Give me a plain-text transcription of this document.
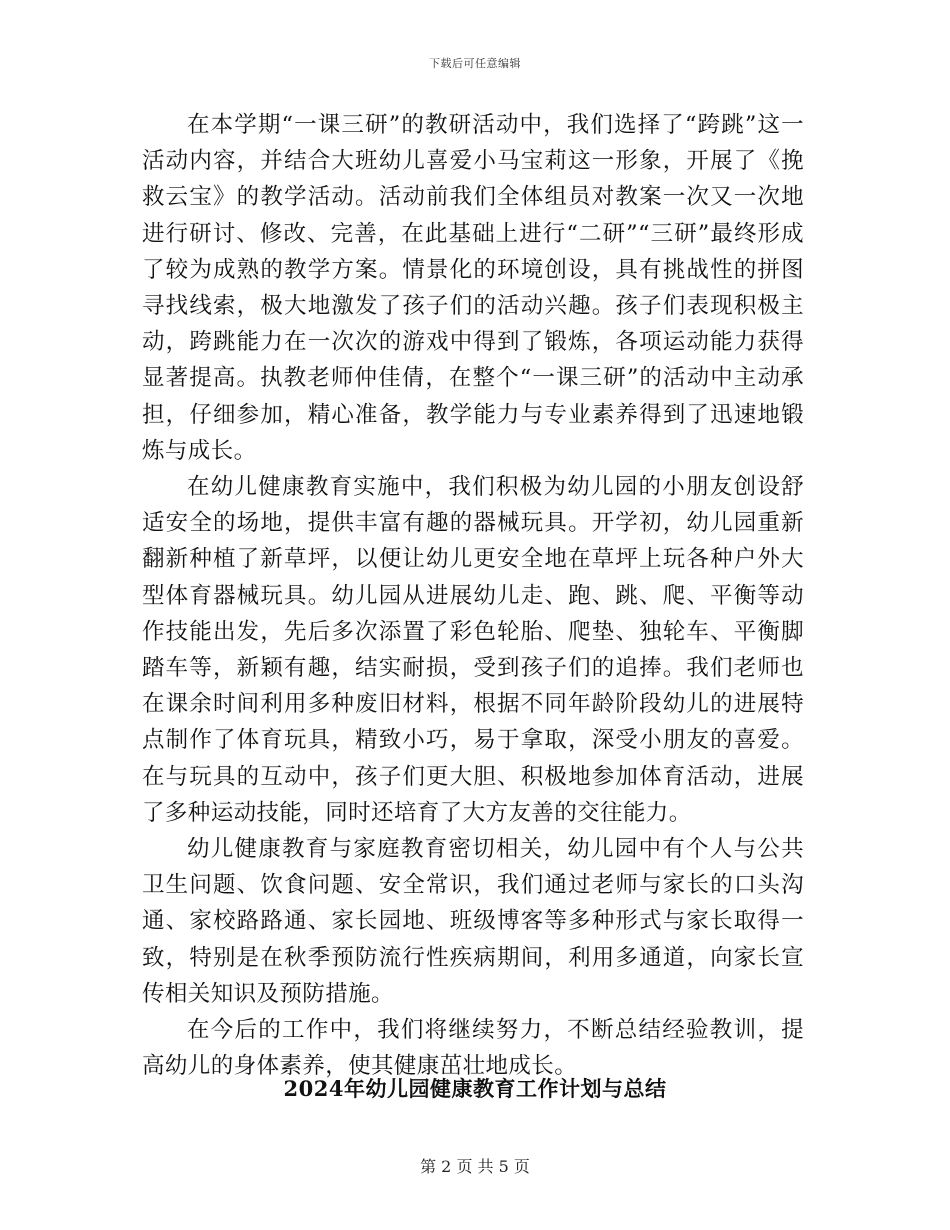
下载后可任意编辑

在本学期“一课三研”的教研活动中，我们选择了“跨跳”这一活动内容，并结合大班幼儿喜爱小马宝莉这一形象，开展了《挽救云宝》的教学活动。活动前我们全体组员对教案一次又一次地进行研讨、修改、完善，在此基础上进行“二研”“三研”最终形成了较为成熟的教学方案。情景化的环境创设，具有挑战性的拼图寻找线索，极大地激发了孩子们的活动兴趣。孩子们表现积极主动，跨跳能力在一次次的游戏中得到了锻炼，各项运动能力获得显著提高。执教老师仲佳倩，在整个“一课三研”的活动中主动承担，仔细参加，精心准备，教学能力与专业素养得到了迅速地锻炼与成长。

在幼儿健康教育实施中，我们积极为幼儿园的小朋友创设舒适安全的场地，提供丰富有趣的器械玩具。开学初，幼儿园重新翻新种植了新草坪，以便让幼儿更安全地在草坪上玩各种户外大型体育器械玩具。幼儿园从进展幼儿走、跑、跳、爬、平衡等动作技能出发，先后多次添置了彩色轮胎、爬垫、独轮车、平衡脚踏车等，新颖有趣，结实耐损，受到孩子们的追捧。我们老师也在课余时间利用多种废旧材料，根据不同年龄阶段幼儿的进展特点制作了体育玩具，精致小巧，易于拿取，深受小朋友的喜爱。在与玩具的互动中，孩子们更大胆、积极地参加体育活动，进展了多种运动技能，同时还培育了大方友善的交往能力。

幼儿健康教育与家庭教育密切相关，幼儿园中有个人与公共卫生问题、饮食问题、安全常识，我们通过老师与家长的口头沟通、家校路路通、家长园地、班级博客等多种形式与家长取得一致，特别是在秋季预防流行性疾病期间，利用多通道，向家长宣传相关知识及预防措施。

在今后的工作中，我们将继续努力，不断总结经验教训，提高幼儿的身体素养，使其健康茁壮地成长。

2024年幼儿园健康教育工作计划与总结
第 2 页 共 5 页
